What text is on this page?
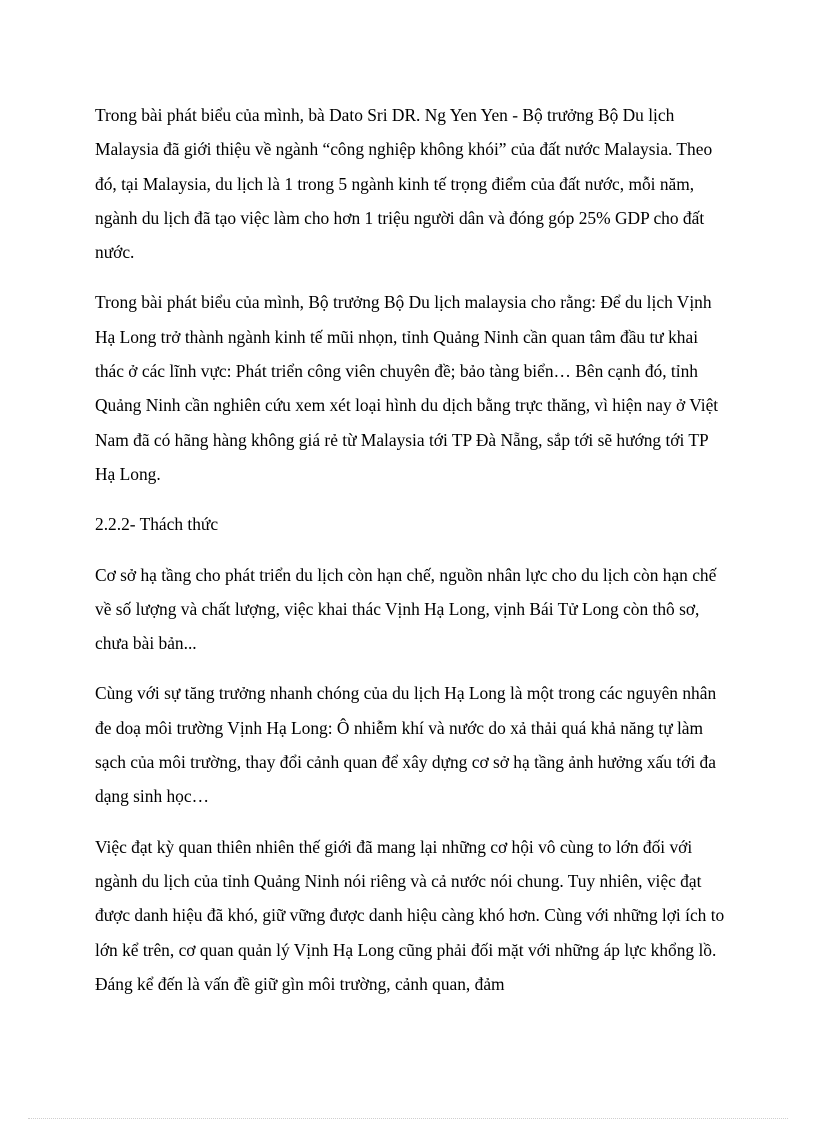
Trong bài phát biểu của mình, bà Dato Sri DR. Ng Yen Yen - Bộ trưởng Bộ Du lịch Malaysia đã giới thiệu về ngành “công nghiệp không khói” của đất nước Malaysia. Theo đó, tại Malaysia, du lịch là 1 trong 5 ngành kinh tế trọng điểm của đất nước, mỗi năm, ngành du lịch đã tạo việc làm cho hơn 1 triệu người dân và đóng góp 25% GDP cho đất nước.

Trong bài phát biểu của mình, Bộ trưởng Bộ Du lịch malaysia cho rằng: Để du lịch Vịnh Hạ Long trở thành ngành kinh tế mũi nhọn, tỉnh Quảng Ninh cần quan tâm đầu tư khai thác ở các lĩnh vực: Phát triển công viên chuyên đề; bảo tàng biển… Bên cạnh đó, tỉnh Quảng Ninh cần nghiên cứu xem xét loại hình du dịch bằng trực thăng, vì hiện nay ở Việt Nam đã có hãng hàng không giá rẻ từ Malaysia tới TP Đà Nẵng, sắp tới sẽ hướng tới TP Hạ Long.

2.2.2- Thách thức

Cơ sở hạ tầng cho phát triển du lịch còn hạn chế, nguồn nhân lực cho du lịch còn hạn chế về số lượng và chất lượng, việc khai thác Vịnh Hạ Long, vịnh Bái Tử Long còn thô sơ, chưa bài bản...

Cùng với sự tăng trưởng nhanh chóng của du lịch Hạ Long là một trong các nguyên nhân đe doạ môi trường Vịnh Hạ Long: Ô nhiễm khí và nước do xả thải quá khả năng tự làm sạch của môi trường, thay đổi cảnh quan để xây dựng cơ sở hạ tầng ảnh hưởng xấu tới đa dạng sinh học…

Việc đạt kỳ quan thiên nhiên thế giới đã mang lại những cơ hội vô cùng to lớn đối với ngành du lịch của tỉnh Quảng Ninh nói riêng và cả nước nói chung. Tuy nhiên, việc đạt được danh hiệu đã khó, giữ vững được danh hiệu càng khó hơn. Cùng với những lợi ích to lớn kể trên, cơ quan quản lý Vịnh Hạ Long cũng phải đối mặt với những áp lực khổng lồ. Đáng kể đến là vấn đề giữ gìn môi trường, cảnh quan, đảm
